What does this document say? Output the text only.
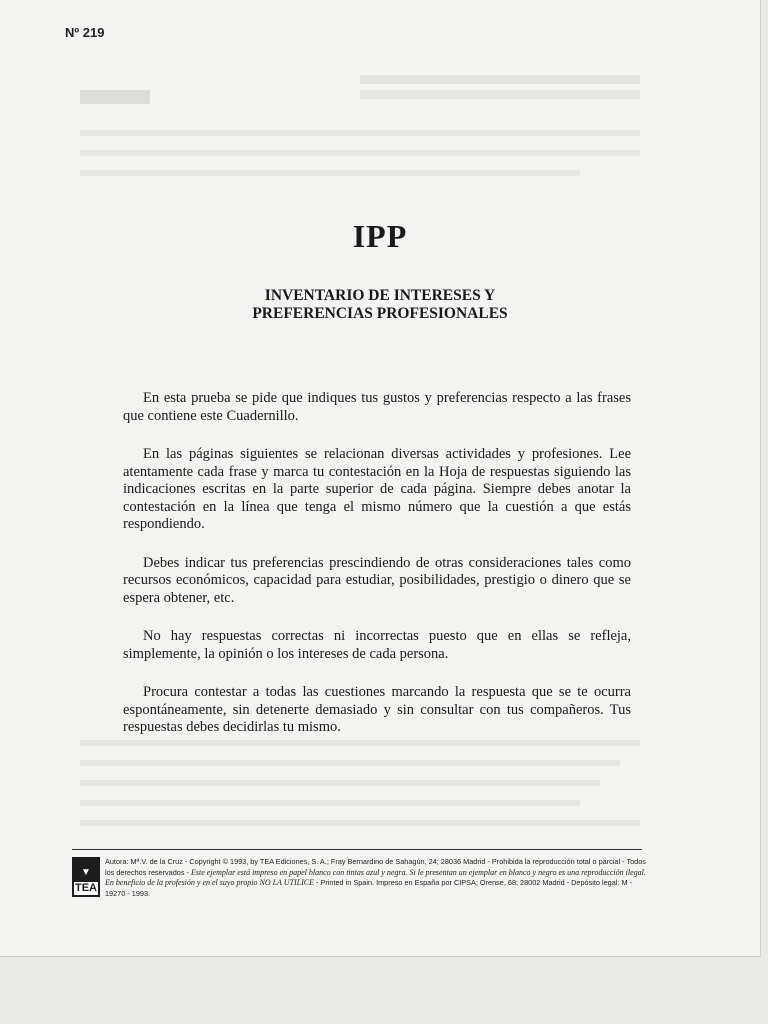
Nº 219
IPP
INVENTARIO DE INTERESES Y
PREFERENCIAS PROFESIONALES

En esta prueba se pide que indiques tus gustos y preferencias respecto a las frases que contiene este Cuadernillo.

En las páginas siguientes se relacionan diversas actividades y profesiones. Lee atentamente cada frase y marca tu contestación en la Hoja de respuestas siguiendo las indicaciones escritas en la parte superior de cada página. Siempre debes anotar la contestación en la línea que tenga el mismo número que la cuestión a que estás respondiendo.

Debes indicar tus preferencias prescindiendo de otras consideraciones tales como recursos económicos, capacidad para estudiar, posibilidades, prestigio o dinero que se espera obtener, etc.

No hay respuestas correctas ni incorrectas puesto que en ellas se refleja, simplemente, la opinión o los intereses de cada persona.

Procura contestar a todas las cuestiones marcando la respuesta que se te ocurra espontáneamente, sin detenerte demasiado y sin consultar con tus compañeros. Tus respuestas debes decidirlas tu mismo.

▼
TEA
Autora: Mª.V. de la Cruz - Copyright © 1993, by TEA Ediciones, S. A.; Fray Bernardino de Sahagún, 24; 28036 Madrid - Prohibida la reproducción total o parcial - Todos los derechos reservados - Este ejemplar está impreso en papel blanco con tintas azul y negra. Si le presentan un ejemplar en blanco y negro es una reproducción ilegal. En beneficio de la profesión y en el suyo propio NO LA UTILICE - Printed in Spain. Impreso en España por CIPSA; Orense, 68; 28002 Madrid - Depósito legal: M - 19270 - 1993.
